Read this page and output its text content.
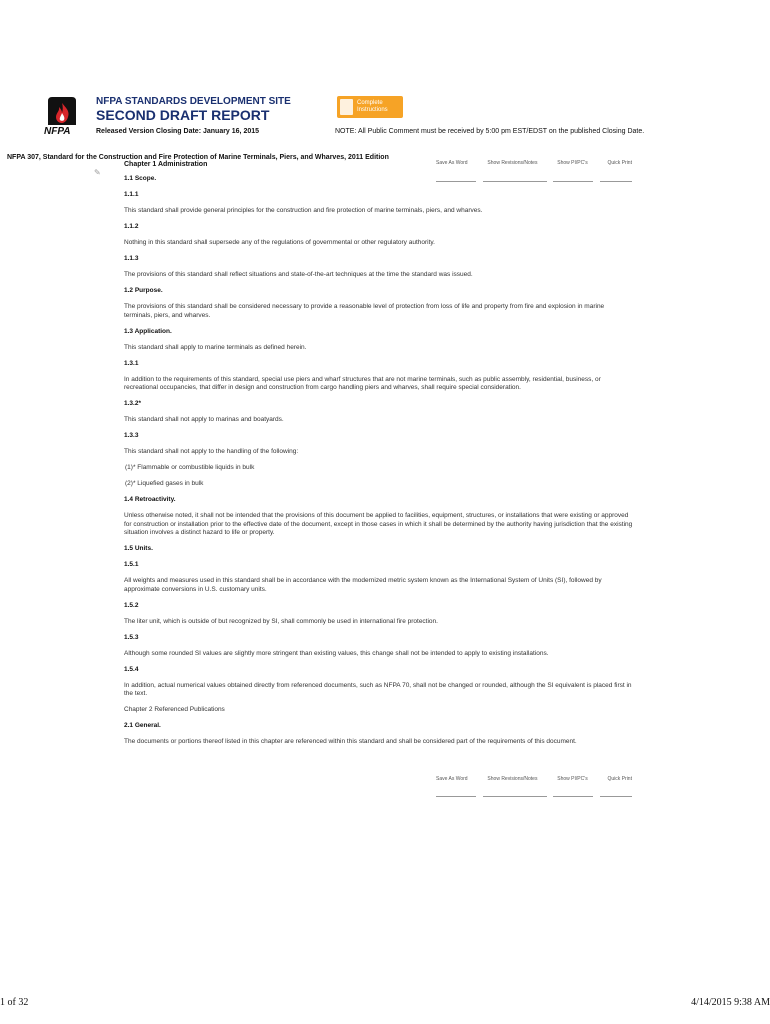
NFPA
NFPA STANDARDS DEVELOPMENT SITE
SECOND DRAFT REPORT
Released Version Closing Date: January 16, 2015
Complete
Instructions
NOTE: All Public Comment must be received by 5:00 pm EST/EDST on the published Closing Date.
NFPA 307, Standard for the Construction and Fire Protection of Marine Terminals, Piers, and Wharves, 2011 Edition
Chapter 1 Administration
✎
Save As Word	Show Revisions/Notes	Show PI/PC's	Quick Print
Save As Word	Show Revisions/Notes	Show PI/PC's	Quick Print
1.1 Scope.
1.1.1
This standard shall provide general principles for the construction and fire protection of marine terminals, piers, and wharves.
1.1.2
Nothing in this standard shall supersede any of the regulations of governmental or other regulatory authority.
1.1.3
The provisions of this standard shall reflect situations and state-of-the-art techniques at the time the standard was issued.
1.2 Purpose.
The provisions of this standard shall be considered necessary to provide a reasonable level of protection from loss of life and property from fire and explosion in marine terminals, piers, and wharves.
1.3 Application.
This standard shall apply to marine terminals as defined herein.
1.3.1
In addition to the requirements of this standard, special use piers and wharf structures that are not marine terminals, such as public assembly, residential, business, or recreational occupancies, that differ in design and construction from cargo handling piers and wharves, shall require special consideration.
1.3.2*
This standard shall not apply to marinas and boatyards.
1.3.3
This standard shall not apply to the handling of the following:
(1)* Flammable or combustible liquids in bulk
(2)* Liquefied gases in bulk
1.4 Retroactivity.
Unless otherwise noted, it shall not be intended that the provisions of this document be applied to facilities, equipment, structures, or installations that were existing or approved for construction or installation prior to the effective date of the document, except in those cases in which it shall be determined by the authority having jurisdiction that the existing situation involves a distinct hazard to life or property.
1.5 Units.
1.5.1
All weights and measures used in this standard shall be in accordance with the modernized metric system known as the International System of Units (SI), followed by approximate conversions in U.S. customary units.
1.5.2
The liter unit, which is outside of but recognized by SI, shall commonly be used in international fire protection.
1.5.3
Although some rounded SI values are slightly more stringent than existing values, this change shall not be intended to apply to existing installations.
1.5.4
In addition, actual numerical values obtained directly from referenced documents, such as NFPA 70, shall not be changed or rounded, although the SI equivalent is placed first in the text.
Chapter 2 Referenced Publications
2.1 General.
The documents or portions thereof listed in this chapter are referenced within this standard and shall be considered part of the requirements of this document.
1 of 32	4/14/2015 9:38 AM
